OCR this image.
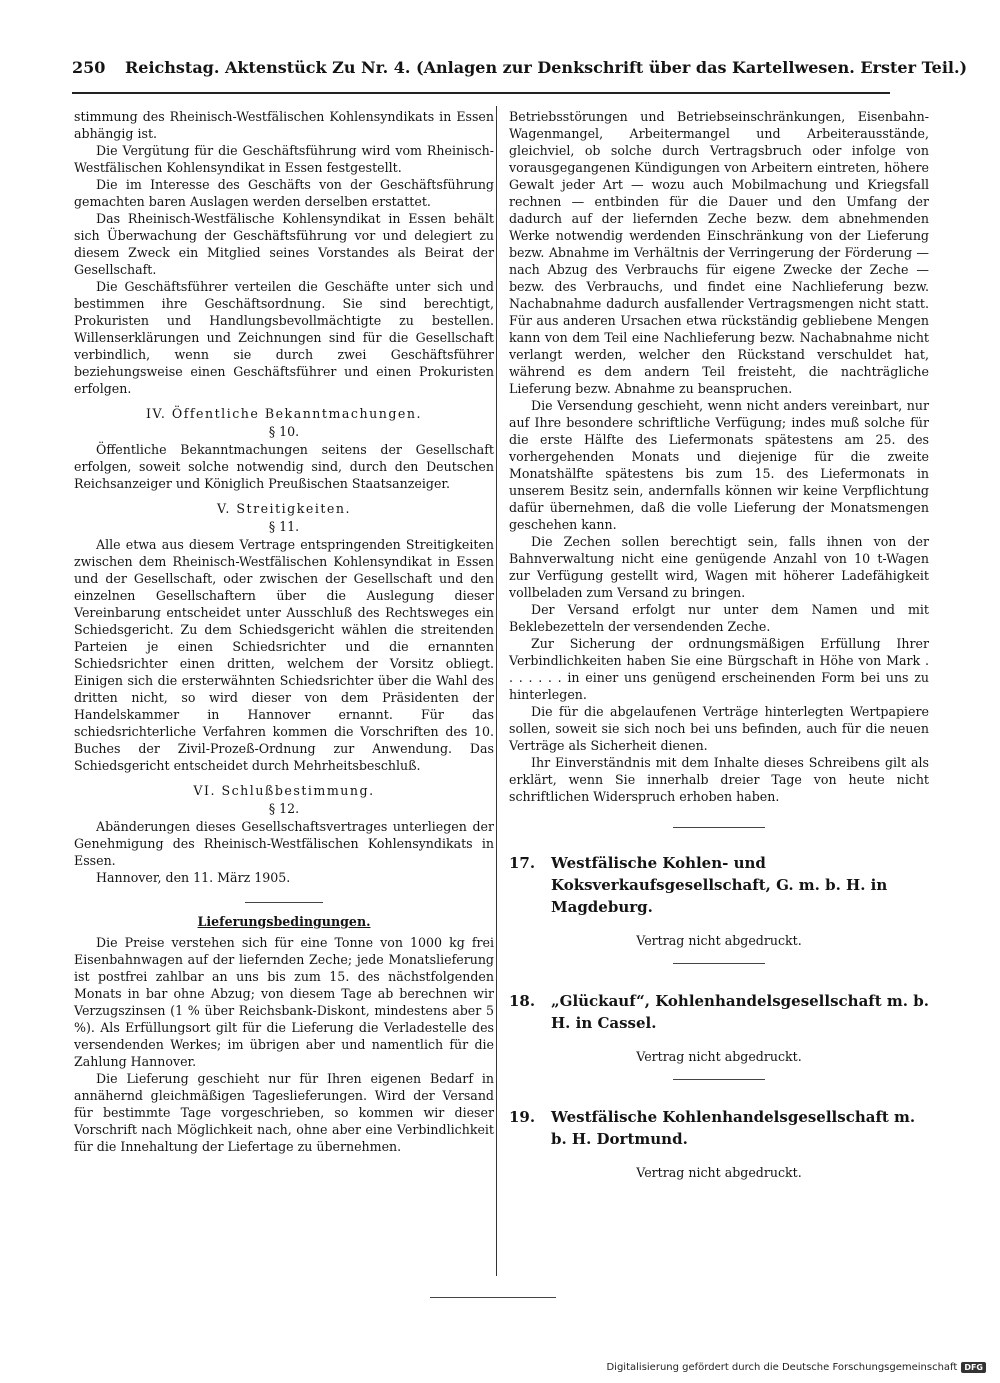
250 Reichstag. Aktenstück Zu Nr. 4. (Anlagen zur Denkschrift über das Kartellwesen. Erster Teil.)

stimmung des Rheinisch-Westfälischen Kohlensyndikats in Essen abhängig ist.

Die Vergütung für die Geschäftsführung wird vom Rheinisch-Westfälischen Kohlensyndikat in Essen festgestellt.

Die im Interesse des Geschäfts von der Geschäftsführung gemachten baren Auslagen werden derselben erstattet.

Das Rheinisch-Westfälische Kohlensyndikat in Essen behält sich Überwachung der Geschäftsführung vor und delegiert zu diesem Zweck ein Mitglied seines Vorstandes als Beirat der Gesellschaft.

Die Geschäftsführer verteilen die Geschäfte unter sich und bestimmen ihre Geschäftsordnung. Sie sind berechtigt, Prokuristen und Handlungsbevollmächtigte zu bestellen. Willenserklärungen und Zeichnungen sind für die Gesellschaft verbindlich, wenn sie durch zwei Geschäftsführer beziehungsweise einen Geschäftsführer und einen Prokuristen erfolgen.

IV. Öffentliche Bekanntmachungen.
§ 10.

Öffentliche Bekanntmachungen seitens der Gesellschaft erfolgen, soweit solche notwendig sind, durch den Deutschen Reichsanzeiger und Königlich Preußischen Staatsanzeiger.

V. Streitigkeiten.
§ 11.

Alle etwa aus diesem Vertrage entspringenden Streitigkeiten zwischen dem Rheinisch-Westfälischen Kohlensyndikat in Essen und der Gesellschaft, oder zwischen der Gesellschaft und den einzelnen Gesellschaftern über die Auslegung dieser Vereinbarung entscheidet unter Ausschluß des Rechtsweges ein Schiedsgericht. Zu dem Schiedsgericht wählen die streitenden Parteien je einen Schiedsrichter und die ernannten Schiedsrichter einen dritten, welchem der Vorsitz obliegt. Einigen sich die ersterwähnten Schiedsrichter über die Wahl des dritten nicht, so wird dieser von dem Präsidenten der Handelskammer in Hannover ernannt. Für das schiedsrichterliche Verfahren kommen die Vorschriften des 10. Buches der Zivil-Prozeß-Ordnung zur Anwendung. Das Schiedsgericht entscheidet durch Mehrheitsbeschluß.

VI. Schlußbestimmung.
§ 12.

Abänderungen dieses Gesellschaftsvertrages unterliegen der Genehmigung des Rheinisch-Westfälischen Kohlensyndikats in Essen.

Hannover, den 11. März 1905.

Lieferungsbedingungen.

Die Preise verstehen sich für eine Tonne von 1000 kg frei Eisenbahnwagen auf der liefernden Zeche; jede Monatslieferung ist postfrei zahlbar an uns bis zum 15. des nächstfolgenden Monats in bar ohne Abzug; von diesem Tage ab berechnen wir Verzugszinsen (1 % über Reichsbank-Diskont, mindestens aber 5 %). Als Erfüllungsort gilt für die Lieferung die Verladestelle des versendenden Werkes; im übrigen aber und namentlich für die Zahlung Hannover.

Die Lieferung geschieht nur für Ihren eigenen Bedarf in annähernd gleichmäßigen Tageslieferungen. Wird der Versand für bestimmte Tage vorgeschrieben, so kommen wir dieser Vorschrift nach Möglichkeit nach, ohne aber eine Verbindlichkeit für die Innehaltung der Liefertage zu übernehmen.

Betriebsstörungen und Betriebseinschränkungen, Eisenbahn-Wagenmangel, Arbeitermangel und Arbeiterausstände, gleichviel, ob solche durch Vertragsbruch oder infolge von vorausgegangenen Kündigungen von Arbeitern eintreten, höhere Gewalt jeder Art — wozu auch Mobilmachung und Kriegsfall rechnen — entbinden für die Dauer und den Umfang der dadurch auf der liefernden Zeche bezw. dem abnehmenden Werke notwendig werdenden Einschränkung von der Lieferung bezw. Abnahme im Verhältnis der Verringerung der Förderung — nach Abzug des Verbrauchs für eigene Zwecke der Zeche — bezw. des Verbrauchs, und findet eine Nachlieferung bezw. Nachabnahme dadurch ausfallender Vertragsmengen nicht statt. Für aus anderen Ursachen etwa rückständig gebliebene Mengen kann von dem Teil eine Nachlieferung bezw. Nachabnahme nicht verlangt werden, welcher den Rückstand verschuldet hat, während es dem andern Teil freisteht, die nachträgliche Lieferung bezw. Abnahme zu beanspruchen.

Die Versendung geschieht, wenn nicht anders vereinbart, nur auf Ihre besondere schriftliche Verfügung; indes muß solche für die erste Hälfte des Liefermonats spätestens am 25. des vorhergehenden Monats und diejenige für die zweite Monatshälfte spätestens bis zum 15. des Liefermonats in unserem Besitz sein, andernfalls können wir keine Verpflichtung dafür übernehmen, daß die volle Lieferung der Monatsmengen geschehen kann.

Die Zechen sollen berechtigt sein, falls ihnen von der Bahnverwaltung nicht eine genügende Anzahl von 10 t-Wagen zur Verfügung gestellt wird, Wagen mit höherer Ladefähigkeit vollbeladen zum Versand zu bringen.

Der Versand erfolgt nur unter dem Namen und mit Beklebezetteln der versendenden Zeche.

Zur Sicherung der ordnungsmäßigen Erfüllung Ihrer Verbindlichkeiten haben Sie eine Bürgschaft in Höhe von Mark . . . . . . . in einer uns genügend erscheinenden Form bei uns zu hinterlegen.

Die für die abgelaufenen Verträge hinterlegten Wertpapiere sollen, soweit sie sich noch bei uns befinden, auch für die neuen Verträge als Sicherheit dienen.

Ihr Einverständnis mit dem Inhalte dieses Schreibens gilt als erklärt, wenn Sie innerhalb dreier Tage von heute nicht schriftlichen Widerspruch erhoben haben.

17.	Westfälische Kohlen- und Koksverkaufsgesellschaft, G. m. b. H. in Magdeburg.
Vertrag nicht abgedruckt.
18.	„Glückauf“, Kohlenhandelsgesellschaft m. b. H. in Cassel.
Vertrag nicht abgedruckt.
19.	Westfälische Kohlenhandelsgesellschaft m. b. H. Dortmund.
Vertrag nicht abgedruckt.
Digitalisierung gefördert durch die Deutsche Forschungsgemeinschaft DFG
